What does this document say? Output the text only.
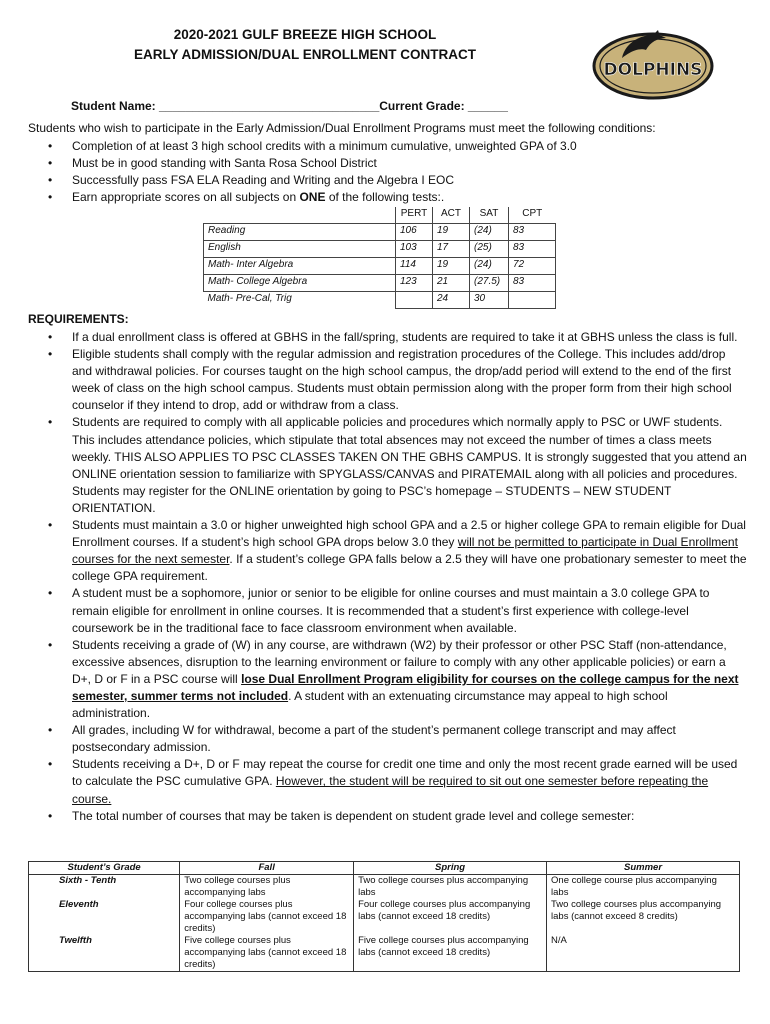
2020-2021 GULF BREEZE HIGH SCHOOL
EARLY ADMISSION/DUAL ENROLLMENT CONTRACT
DOLPHINS
Student Name: _________________________________Current Grade: ______
Students who wish to participate in the Early Admission/Dual Enrollment Programs must meet the following conditions:
• Completion of at least 3 high school credits with a minimum cumulative, unweighted GPA of 3.0
• Must be in good standing with Santa Rosa School District
• Successfully pass FSA ELA Reading and Writing and the Algebra I EOC
• Earn appropriate scores on all subjects on ONE of the following tests:.
	PERT	ACT	SAT	CPT
Reading	106	19	(24)	83
English	103	17	(25)	83
Math- Inter Algebra	114	19	(24)	72
Math- College Algebra	123	21	(27.5)	83
Math- Pre-Cal, Trig		24	30	
REQUIREMENTS:
• If a dual enrollment class is offered at GBHS in the fall/spring, students are required to take it at GBHS unless the class is full.
• Eligible students shall comply with the regular admission and registration procedures of the College. This includes add/drop and withdrawal policies. For courses taught on the high school campus, the drop/add period will extend to the end of the first week of class on the high school campus. Students must obtain permission along with the proper form from their high school counselor if they intend to drop, add or withdraw from a class.
• Students are required to comply with all applicable policies and procedures which normally apply to PSC or UWF students. This includes attendance policies, which stipulate that total absences may not exceed the number of times a class meets weekly. THIS ALSO APPLIES TO PSC CLASSES TAKEN ON THE GBHS CAMPUS. It is strongly suggested that you attend an ONLINE orientation session to familiarize with SPYGLASS/CANVAS and PIRATEMAIL along with all policies and procedures. Students may register for the ONLINE orientation by going to PSC’s homepage – STUDENTS – NEW STUDENT ORIENTATION.
• Students must maintain a 3.0 or higher unweighted high school GPA and a 2.5 or higher college GPA to remain eligible for Dual Enrollment courses. If a student’s high school GPA drops below 3.0 they will not be permitted to participate in Dual Enrollment courses for the next semester. If a student’s college GPA falls below a 2.5 they will have one probationary semester to meet the college GPA requirement.
• A student must be a sophomore, junior or senior to be eligible for online courses and must maintain a 3.0 college GPA to remain eligible for enrollment in online courses. It is recommended that a student’s first experience with college-level coursework be in the traditional face to face classroom environment when available.
• Students receiving a grade of (W) in any course, are withdrawn (W2) by their professor or other PSC Staff (non-attendance, excessive absences, disruption to the learning environment or failure to comply with any other applicable policies) or earn a D+, D or F in a PSC course will lose Dual Enrollment Program eligibility for courses on the college campus for the next semester, summer terms not included. A student with an extenuating circumstance may appeal to high school administration.
• All grades, including W for withdrawal, become a part of the student’s permanent college transcript and may affect postsecondary admission.
• Students receiving a D+, D or F may repeat the course for credit one time and only the most recent grade earned will be used to calculate the PSC cumulative GPA. However, the student will be required to sit out one semester before repeating the course.
• The total number of courses that may be taken is dependent on student grade level and college semester:
Student’s Grade	Fall	Spring	Summer
Sixth - Tenth	Two college courses plus accompanying labs	Two college courses plus accompanying labs	One college course plus accompanying labs
Eleventh	Four college courses plus accompanying labs (cannot exceed 18 credits)	Four college courses plus accompanying labs (cannot exceed 18 credits)	Two college courses plus accompanying labs (cannot exceed 8 credits)
Twelfth	Five college courses plus accompanying labs (cannot exceed 18 credits)	Five college courses plus accompanying labs (cannot exceed 18 credits)	N/A
